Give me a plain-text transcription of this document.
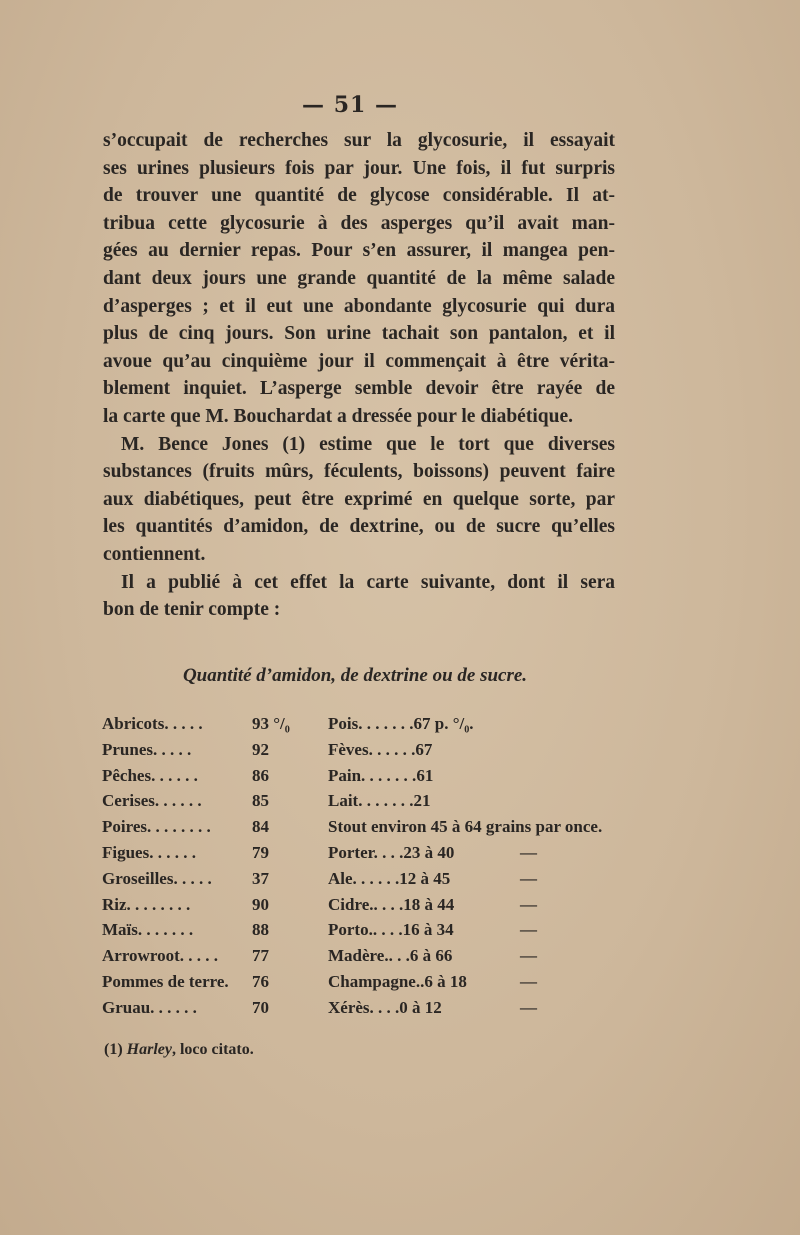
— 51 —
s’occupait de recherches sur la glycosurie, il essayait
ses urines plusieurs fois par jour. Une fois, il fut surpris
de trouver une quantité de glycose considérable. Il at-
tribua cette glycosurie à des asperges qu’il avait man-
gées au dernier repas. Pour s’en assurer, il mangea pen-
dant deux jours une grande quantité de la même salade
d’asperges ; et il eut une abondante glycosurie qui dura
plus de cinq jours. Son urine tachait son pantalon, et il
avoue qu’au cinquième jour il commençait à être vérita-
blement inquiet. L’asperge semble devoir être rayée de
la carte que M. Bouchardat a dressée pour le diabétique.
M. Bence Jones (1) estime que le tort que diverses
substances (fruits mûrs, féculents, boissons) peuvent faire
aux diabétiques, peut être exprimé en quelque sorte, par
les quantités d’amidon, de dextrine, ou de sucre qu’elles
contiennent.
Il a publié à cet effet la carte suivante, dont il sera
bon de tenir compte :
Quantité d’amidon, de dextrine ou de sucre.
Abricots. . . . .	93 °/₀
Prunes. . . . .	92
Pêches. . . . . .	86
Cerises. . . . . .	85
Poires. . . . . . . . 84
Figues. . . . . .	79
Groseilles. . . . . 37
Riz. . . . . . . .	90
Maïs. . . . . . .	88
Arrowroot. . . . . 77
Pommes de terre. 76
Gruau. . . . . .	70
Pois. . . . . . .67 p. °/₀.
Fèves. . . . . .67
Pain. . . . . . .61
Lait. . . . . . .21
Stout environ 45 à 64 grains par once.
Porter. . . .23 à 40	—
Ale. . . . . .12 à 45	—
Cidre.. . . .18 à 44	—
Porto.. . . .16 à 34	—
Madère.. . .6 à 66	—
Champagne..6 à 18	—
Xérès. . . .0 à 12	—
(1) Harley, loco citato.
